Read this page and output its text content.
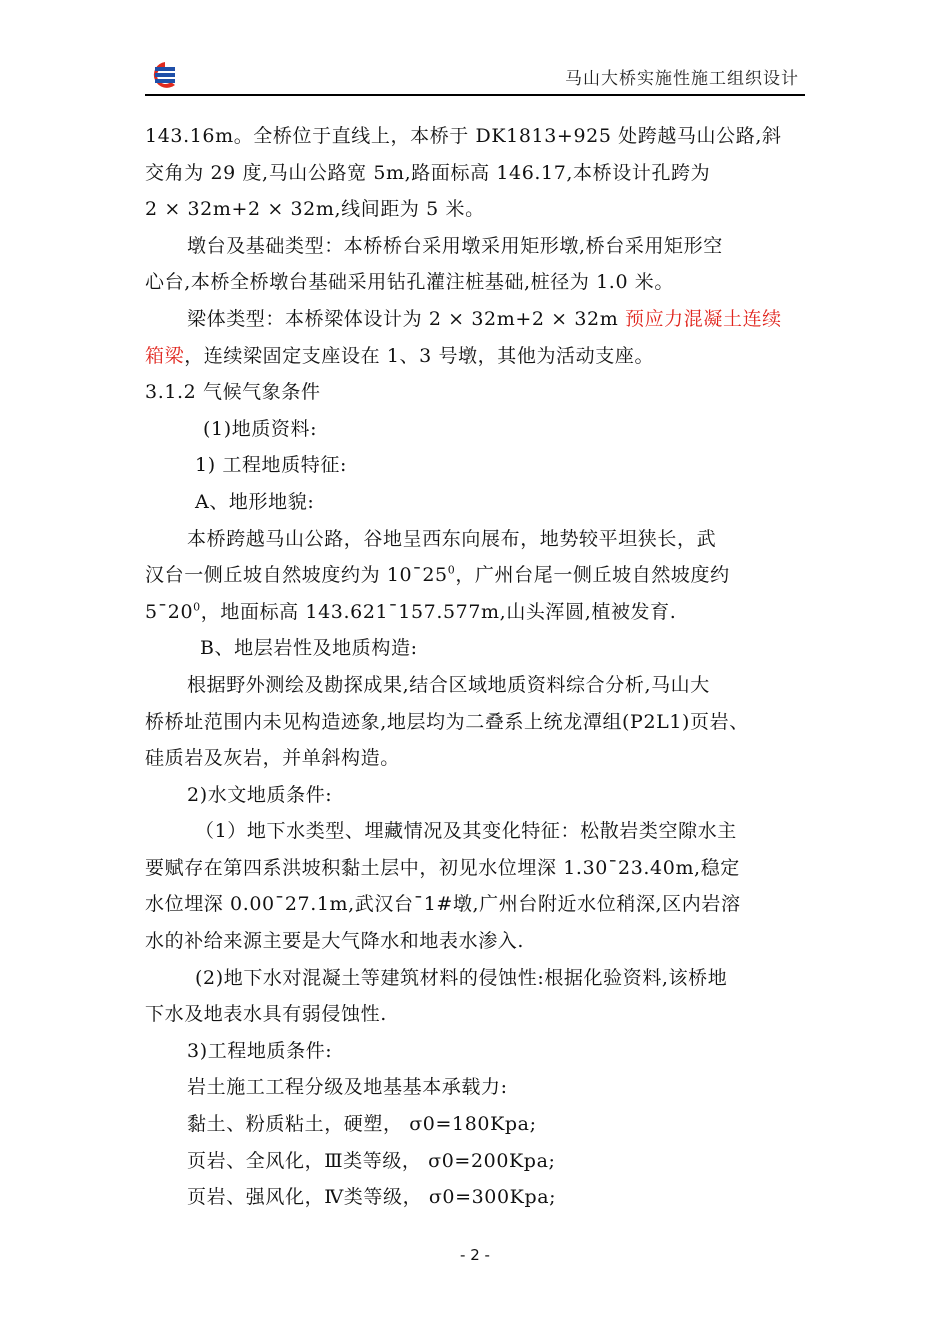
马山大桥实施性施工组织设计
143.16m。全桥位于直线上，本桥于 DK1813+925 处跨越马山公路,斜
交角为 29 度,马山公路宽 5m,路面标高 146.17,本桥设计孔跨为
2 × 32m+2 × 32m,线间距为 5 米。
墩台及基础类型：本桥桥台采用墩采用矩形墩,桥台采用矩形空
心台,本桥全桥墩台基础采用钻孔灌注桩基础,桩径为 1.0 米。
梁体类型：本桥梁体设计为 2 × 32m+2 × 32m 预应力混凝土连续
箱梁，连续梁固定支座设在 1、3 号墩，其他为活动支座。
3.1.2 气候气象条件
(1)地质资料:
1) 工程地质特征:
A、地形地貌:
本桥跨越马山公路，谷地呈西东向展布，地势较平坦狭长，武
汉台一侧丘坡自然坡度约为 $10¯25^0$，广州台尾一侧丘坡自然坡度约
$5¯20^0$，地面标高 143.621¯157.577m,山头浑圆,植被发育.
B、地层岩性及地质构造:
根据野外测绘及勘探成果,结合区域地质资料综合分析,马山大
桥桥址范围内未见构造迹象,地层均为二叠系上统龙潭组(P2L1)页岩、
硅质岩及灰岩，并单斜构造。
2)水文地质条件:
（1）地下水类型、埋藏情况及其变化特征：松散岩类空隙水主
要赋存在第四系洪坡积黏土层中，初见水位埋深 1.30¯23.40m,稳定
水位埋深 0.00¯27.1m,武汉台¯1#墩,广州台附近水位稍深,区内岩溶
水的补给来源主要是大气降水和地表水渗入.
(2)地下水对混凝土等建筑材料的侵蚀性:根据化验资料,该桥地
下水及地表水具有弱侵蚀性.
3)工程地质条件:
岩土施工工程分级及地基基本承载力:
黏土、粉质粘土，硬塑， σ0=180Kpa;
页岩、全风化，Ⅲ类等级， σ0=200Kpa;
页岩、强风化，Ⅳ类等级， σ0=300Kpa;
- 2 -
